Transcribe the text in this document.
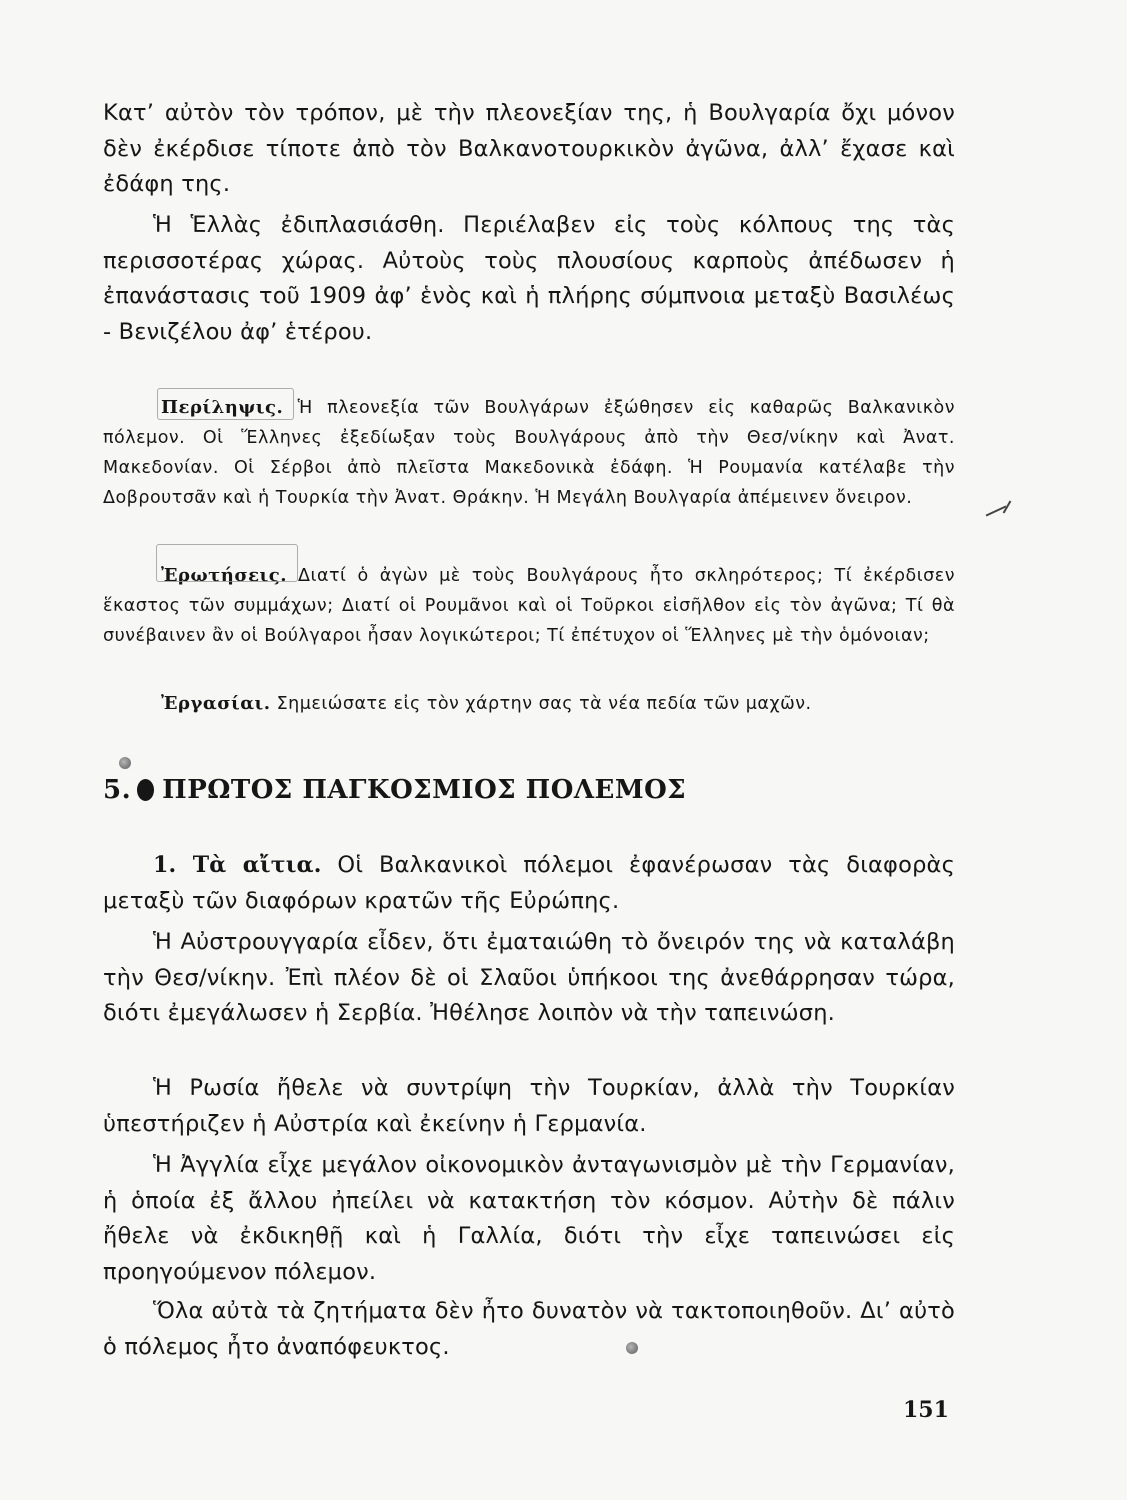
Κατ’ αὐτὸν τὸν τρόπον, μὲ τὴν πλεονεξίαν της, ἡ Βουλγαρία ὄχι μόνον δὲν ἐκέρδισε τίποτε ἀπὸ τὸν Βαλκανοτουρκικὸν ἀγῶνα, ἀλλ’ ἔχασε καὶ ἐδάφη της.
Ἡ Ἑλλὰς ἐδιπλασιάσθη. Περιέλαβεν εἰς τοὺς κόλπους της τὰς περισσοτέρας χώρας. Αὐτοὺς τοὺς πλουσίους καρποὺς ἀπέδωσεν ἡ ἐπανάστασις τοῦ 1909 ἀφ’ ἑνὸς καὶ ἡ πλήρης σύμπνοια μεταξὺ Βασιλέως - Βενιζέλου ἀφ’ ἑτέρου.
Περίληψις. Ἡ πλεονεξία τῶν Βουλγάρων ἐξώθησεν εἰς καθαρῶς Βαλκανικὸν πόλεμον. Οἱ Ἕλληνες ἐξεδίωξαν τοὺς Βουλγάρους ἀπὸ τὴν Θεσ/νίκην καὶ Ἀνατ. Μακεδονίαν. Οἱ Σέρβοι ἀπὸ πλεῖστα Μακεδονικὰ ἐδάφη. Ἡ Ρουμανία κατέλαβε τὴν Δοβρουτσᾶν καὶ ἡ Τουρκία τὴν Ἀνατ. Θράκην. Ἡ Μεγάλη Βουλγαρία ἀπέμεινεν ὄνειρον.
Ἐρωτήσεις. Διατί ὁ ἀγὼν μὲ τοὺς Βουλγάρους ἦτο σκληρότερος; Τί ἐκέρδισεν ἕκαστος τῶν συμμάχων; Διατί οἱ Ρουμᾶνοι καὶ οἱ Τοῦρκοι εἰσῆλθον εἰς τὸν ἀγῶνα; Τί θὰ συνέβαινεν ἂν οἱ Βούλγαροι ἦσαν λογικώτεροι; Τί ἐπέτυχον οἱ Ἕλληνες μὲ τὴν ὁμόνοιαν;
Ἐργασίαι. Σημειώσατε εἰς τὸν χάρτην σας τὰ νέα πεδία τῶν μαχῶν.
5. ΠΡΩΤΟΣ ΠΑΓΚΟΣΜΙΟΣ ΠΟΛΕΜΟΣ
1. Τὰ αἴτια. Οἱ Βαλκανικοὶ πόλεμοι ἐφανέρωσαν τὰς διαφορὰς μεταξὺ τῶν διαφόρων κρατῶν τῆς Εὐρώπης.
Ἡ Αὐστρουγγαρία εἶδεν, ὅτι ἐματαιώθη τὸ ὄνειρόν της νὰ καταλάβη τὴν Θεσ/νίκην. Ἐπὶ πλέον δὲ οἱ Σλαῦοι ὑπήκοοι της ἀνεθάρρησαν τώρα, διότι ἐμεγάλωσεν ἡ Σερβία. Ἠθέλησε λοιπὸν νὰ τὴν ταπεινώση.
Ἡ Ρωσία ἤθελε νὰ συντρίψη τὴν Τουρκίαν, ἀλλὰ τὴν Τουρκίαν ὑπεστήριζεν ἡ Αὐστρία καὶ ἐκείνην ἡ Γερμανία.
Ἡ Ἀγγλία εἶχε μεγάλον οἰκονομικὸν ἀνταγωνισμὸν μὲ τὴν Γερμανίαν, ἡ ὁποία ἐξ ἄλλου ἠπείλει νὰ κατακτήση τὸν κόσμον. Αὐτὴν δὲ πάλιν ἤθελε νὰ ἐκδικηθῇ καὶ ἡ Γαλλία, διότι τὴν εἶχε ταπεινώσει εἰς προηγούμενον πόλεμον.
Ὅλα αὐτὰ τὰ ζητήματα δὲν ἦτο δυνατὸν νὰ τακτοποιηθοῦν. Δι’ αὐτὸ ὁ πόλεμος ἦτο ἀναπόφευκτος.
151
